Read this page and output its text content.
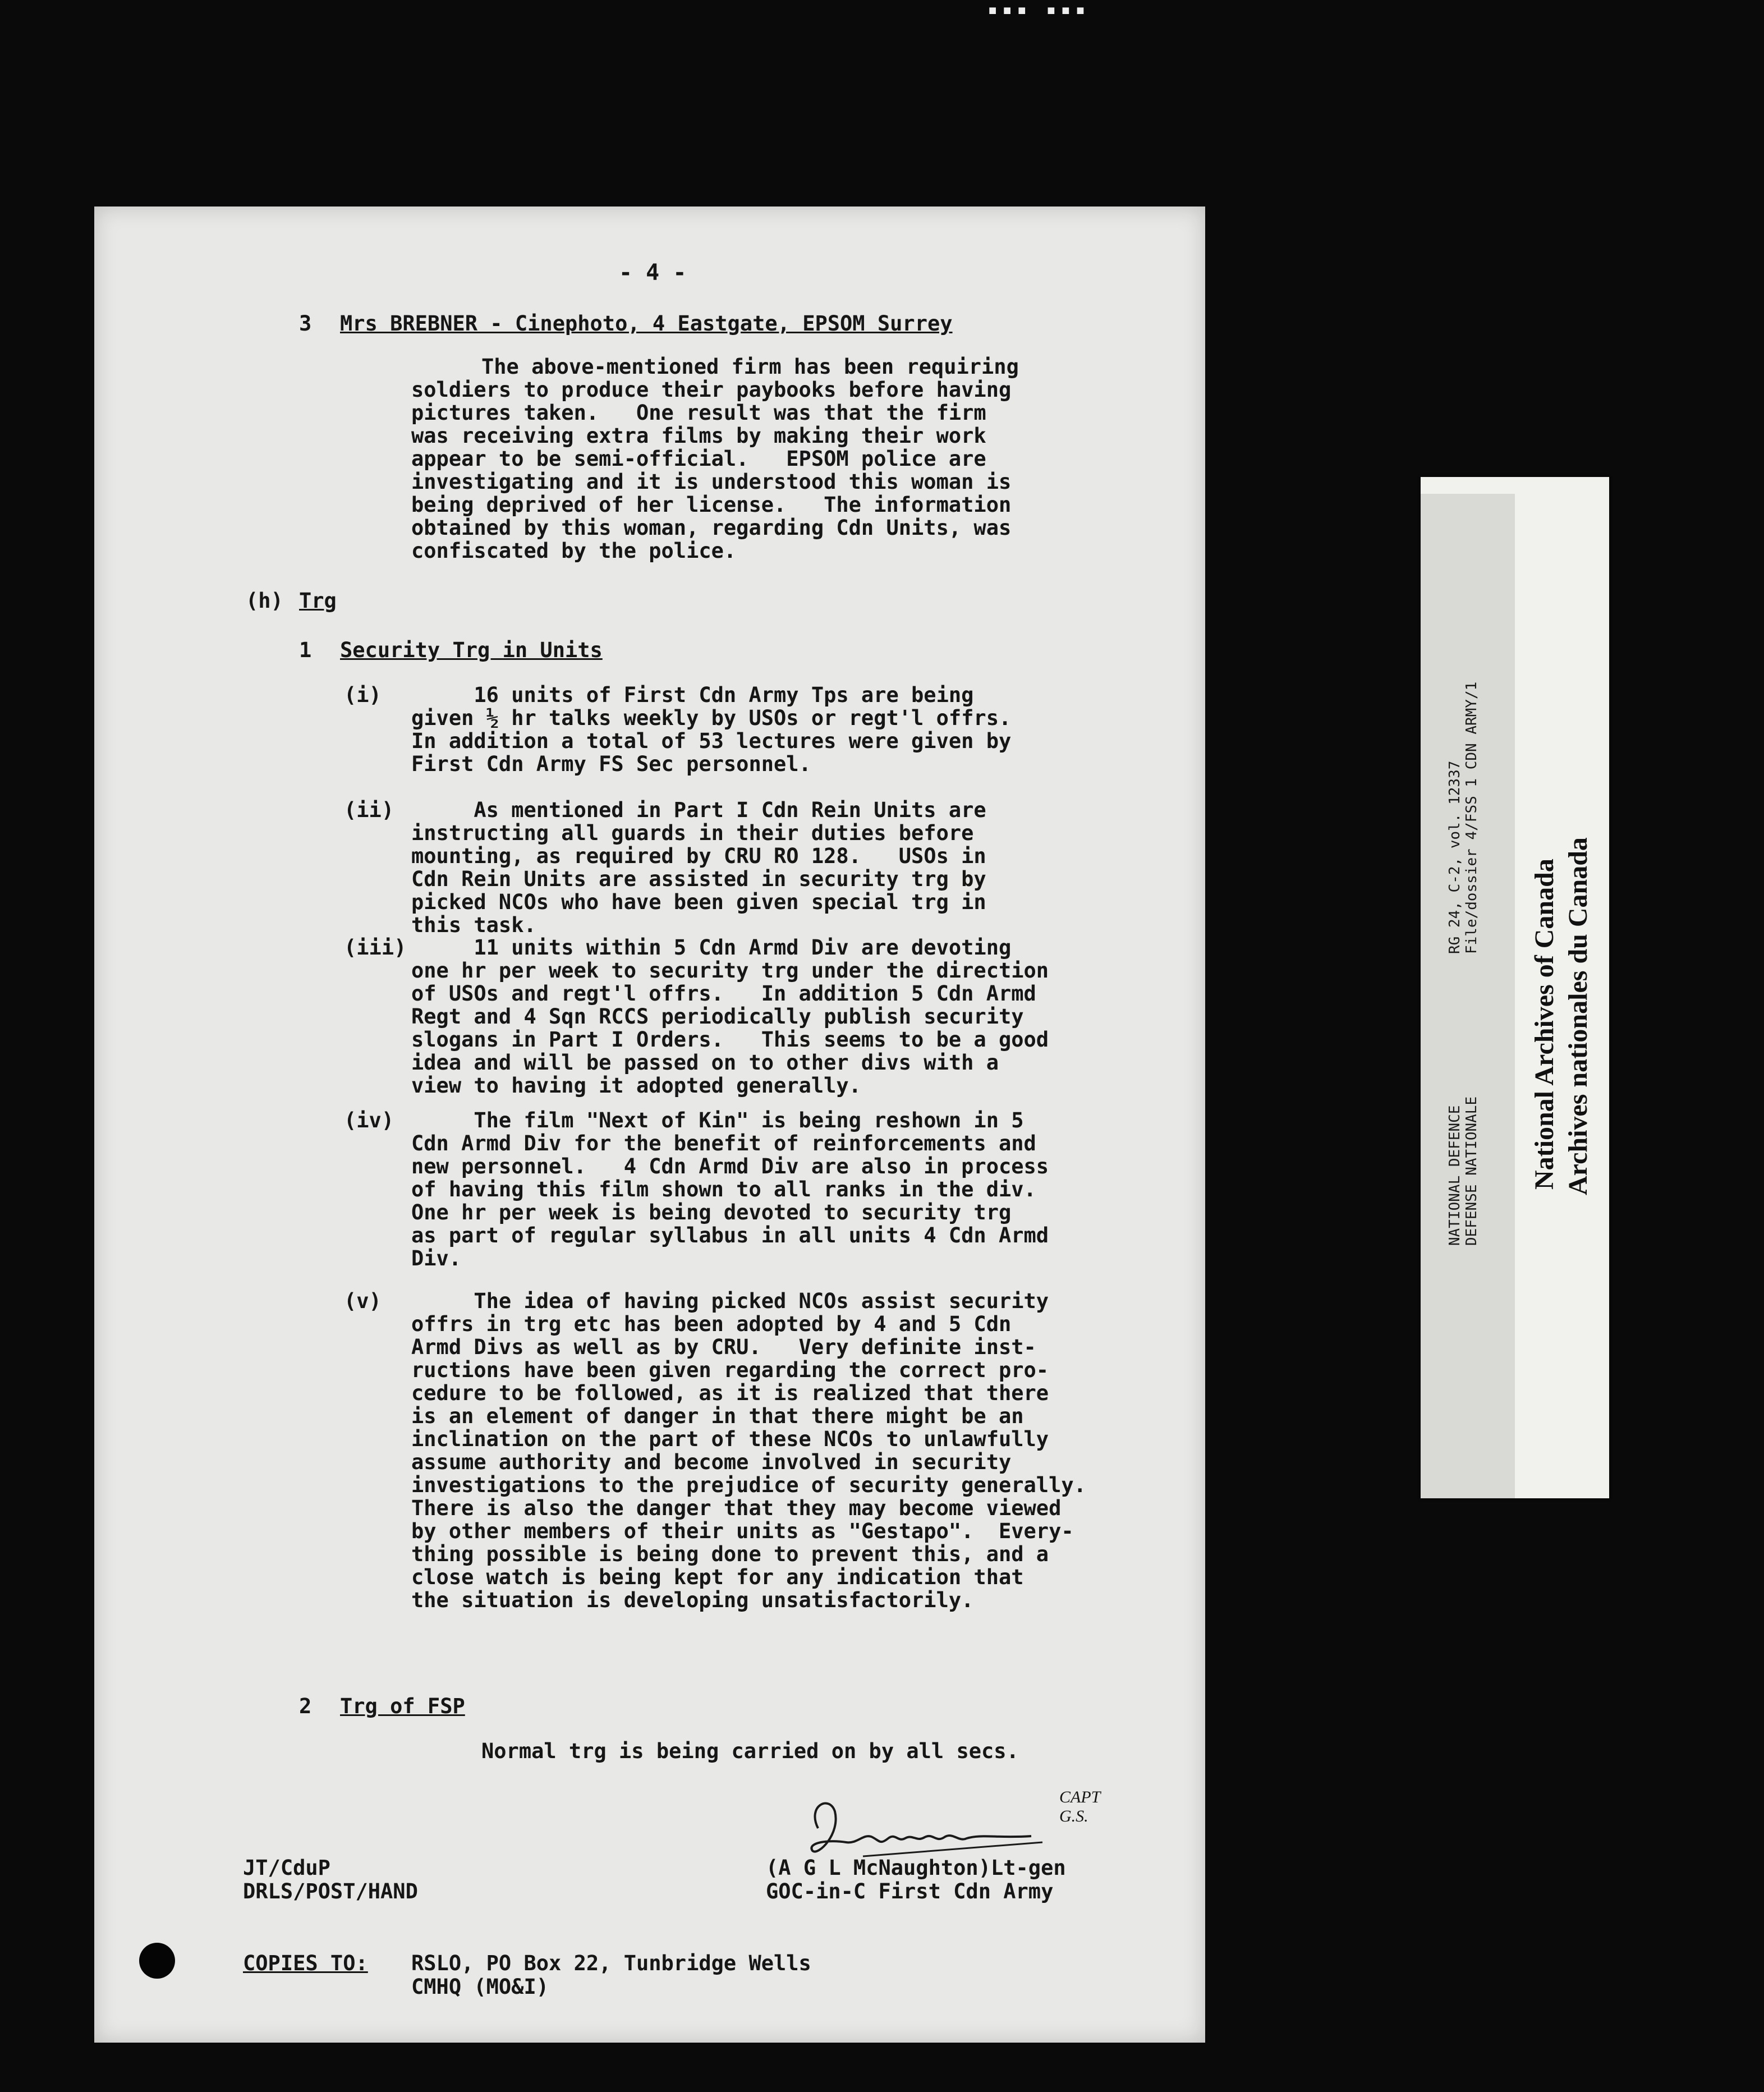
▪▪▪ ▪▪▪
- 4 -
3 Mrs BREBNER - Cinephoto, 4 Eastgate, EPSOM Surrey
The above-mentioned firm has been requiring
soldiers to produce their paybooks before having
pictures taken.   One result was that the firm
was receiving extra films by making their work
appear to be semi-official.   EPSOM police are
investigating and it is understood this woman is
being deprived of her license.   The information
obtained by this woman, regarding Cdn Units, was
confiscated by the police.
(h) Trg
1 Security Trg in Units
(i) 16 units of First Cdn Army Tps are being
given ½ hr talks weekly by USOs or regt'l offrs.
In addition a total of 53 lectures were given by
First Cdn Army FS Sec personnel.
(ii) As mentioned in Part I Cdn Rein Units are
instructing all guards in their duties before
mounting, as required by CRU RO 128.   USOs in
Cdn Rein Units are assisted in security trg by
picked NCOs who have been given special trg in
this task.
(iii) 11 units within 5 Cdn Armd Div are devoting
one hr per week to security trg under the direction
of USOs and regt'l offrs.   In addition 5 Cdn Armd
Regt and 4 Sqn RCCS periodically publish security
slogans in Part I Orders.   This seems to be a good
idea and will be passed on to other divs with a
view to having it adopted generally.
(iv) The film "Next of Kin" is being reshown in 5
Cdn Armd Div for the benefit of reinforcements and
new personnel.   4 Cdn Armd Div are also in process
of having this film shown to all ranks in the div.
One hr per week is being devoted to security trg
as part of regular syllabus in all units 4 Cdn Armd
Div.
(v) The idea of having picked NCOs assist security
offrs in trg etc has been adopted by 4 and 5 Cdn
Armd Divs as well as by CRU.   Very definite inst-
ructions have been given regarding the correct pro-
cedure to be followed, as it is realized that there
is an element of danger in that there might be an
inclination on the part of these NCOs to unlawfully
assume authority and become involved in security
investigations to the prejudice of security generally.
There is also the danger that they may become viewed
by other members of their units as "Gestapo".  Every-
thing possible is being done to prevent this, and a
close watch is being kept for any indication that
the situation is developing unsatisfactorily.
2 Trg of FSP
Normal trg is being carried on by all secs.
CAPT G.S.
(A G L McNaughton)Lt-gen
GOC-in-C First Cdn Army
JT/CduP
DRLS/POST/HAND
COPIES TO: RSLO, PO Box 22, Tunbridge Wells
CMHQ (MO&I)
NATIONAL DEFENCE DEFENSE NATIONALE
RG 24, C-2, vol. 12337 File/dossier 4/FSS 1 CDN ARMY/1
National Archives of Canada Archives nationales du Canada
